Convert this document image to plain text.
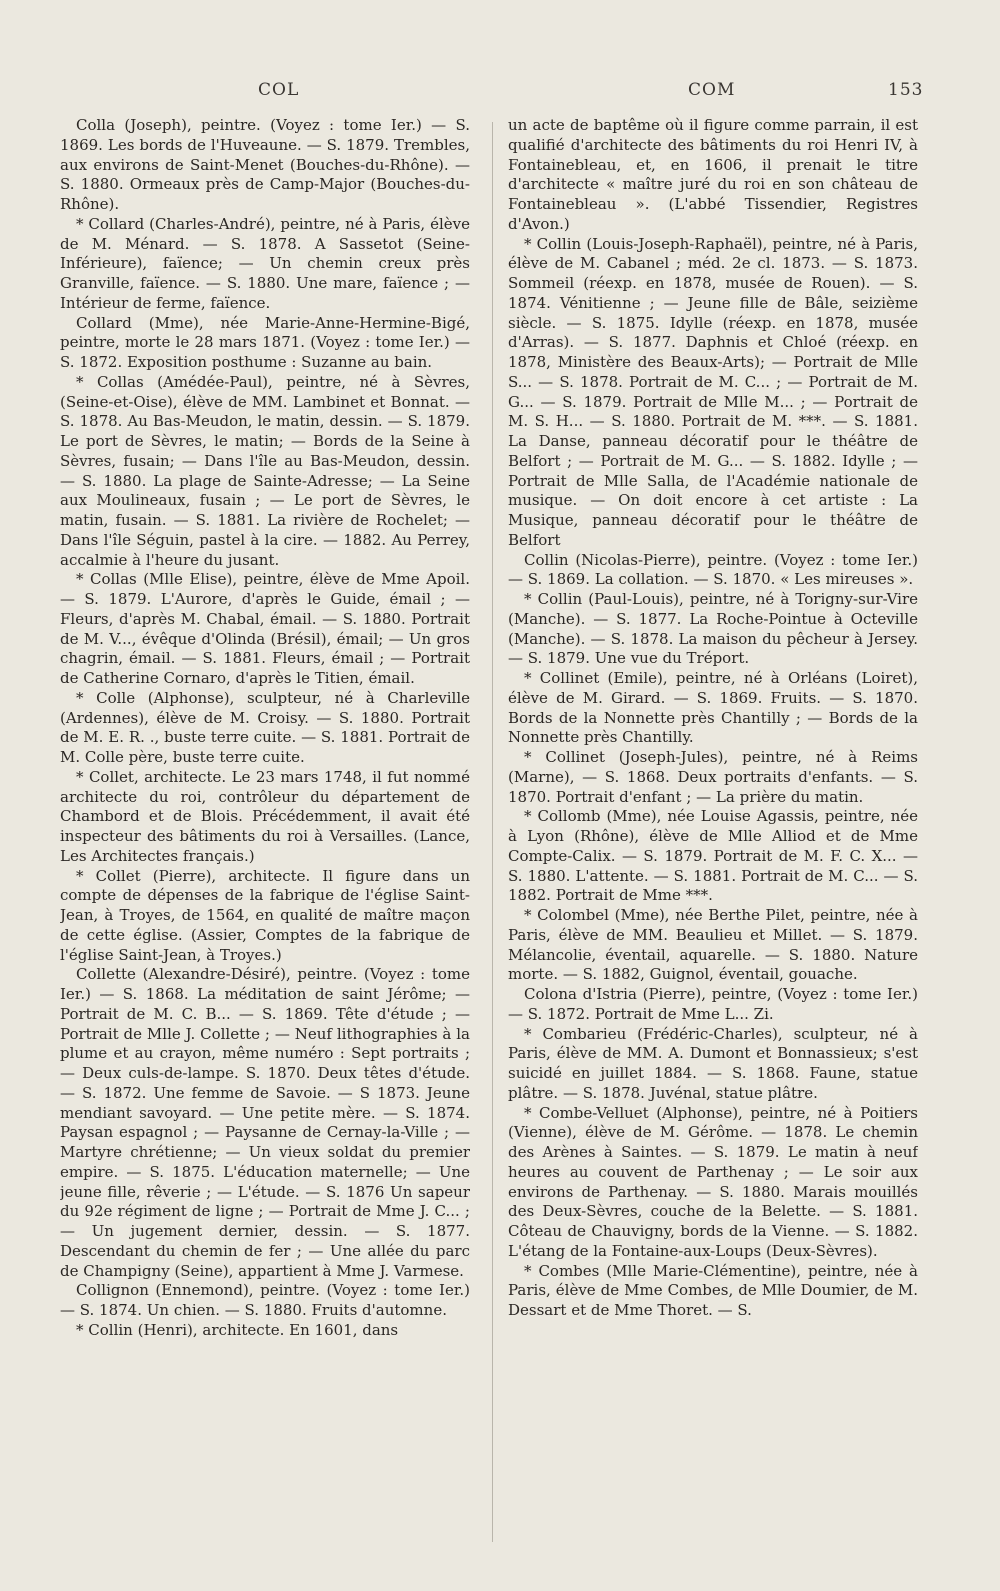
COL	COM	153

Colla (Joseph), peintre. (Voyez : tome Ier.) — S. 1869. Les bords de l'Huveaune. — S. 1879. Trembles, aux environs de Saint-Menet (Bouches-du-Rhône). — S. 1880. Ormeaux près de Camp-Major (Bouches-du-Rhône).

* Collard (Charles-André), peintre, né à Paris, élève de M. Ménard. — S. 1878. A Sassetot (Seine-Inférieure), faïence; — Un chemin creux près Granville, faïence. — S. 1880. Une mare, faïence ; — Intérieur de ferme, faïence.

Collard (Mme), née Marie-Anne-Hermine-Bigé, peintre, morte le 28 mars 1871. (Voyez : tome Ier.) — S. 1872. Exposition posthume : Suzanne au bain.

* Collas (Amédée-Paul), peintre, né à Sèvres, (Seine-et-Oise), élève de MM. Lambinet et Bonnat. — S. 1878. Au Bas-Meudon, le matin, dessin. — S. 1879. Le port de Sèvres, le matin; — Bords de la Seine à Sèvres, fusain; — Dans l'île au Bas-Meudon, dessin. — S. 1880. La plage de Sainte-Adresse; — La Seine aux Moulineaux, fusain ; — Le port de Sèvres, le matin, fusain. — S. 1881. La rivière de Rochelet; — Dans l'île Séguin, pastel à la cire. — 1882. Au Perrey, accalmie à l'heure du jusant.

* Collas (Mlle Elise), peintre, élève de Mme Apoil. — S. 1879. L'Aurore, d'après le Guide, émail ; — Fleurs, d'après M. Chabal, émail. — S. 1880. Portrait de M. V..., évêque d'Olinda (Brésil), émail; — Un gros chagrin, émail. — S. 1881. Fleurs, émail ; — Portrait de Catherine Cornaro, d'après le Titien, émail.

* Colle (Alphonse), sculpteur, né à Charleville (Ardennes), élève de M. Croisy. — S. 1880. Portrait de M. E. R. ., buste terre cuite. — S. 1881. Portrait de M. Colle père, buste terre cuite.

* Collet, architecte. Le 23 mars 1748, il fut nommé architecte du roi, contrôleur du département de Chambord et de Blois. Précédemment, il avait été inspecteur des bâtiments du roi à Versailles. (Lance, Les Architectes français.)

* Collet (Pierre), architecte. Il figure dans un compte de dépenses de la fabrique de l'église Saint-Jean, à Troyes, de 1564, en qualité de maître maçon de cette église. (Assier, Comptes de la fabrique de l'église Saint-Jean, à Troyes.)

Collette (Alexandre-Désiré), peintre. (Voyez : tome Ier.) — S. 1868. La méditation de saint Jérôme; — Portrait de M. C. B... — S. 1869. Tête d'étude ; — Portrait de Mlle J. Collette ; — Neuf lithographies à la plume et au crayon, même numéro : Sept portraits ; — Deux culs-de-lampe. S. 1870. Deux têtes d'étude. — S. 1872. Une femme de Savoie. — S 1873. Jeune mendiant savoyard. — Une petite mère. — S. 1874. Paysan espagnol ; — Paysanne de Cernay-la-Ville ; — Martyre chrétienne; — Un vieux soldat du premier empire. — S. 1875. L'éducation maternelle; — Une jeune fille, rêverie ; — L'étude. — S. 1876 Un sapeur du 92e régiment de ligne ; — Portrait de Mme J. C... ; — Un jugement dernier, dessin. — S. 1877. Descendant du chemin de fer ; — Une allée du parc de Champigny (Seine), appartient à Mme J. Varmese.

Collignon (Ennemond), peintre. (Voyez : tome Ier.) — S. 1874. Un chien. — S. 1880. Fruits d'automne.

* Collin (Henri), architecte. En 1601, dans

un acte de baptême où il figure comme parrain, il est qualifié d'architecte des bâtiments du roi Henri IV, à Fontainebleau, et, en 1606, il prenait le titre d'architecte « maître juré du roi en son château de Fontainebleau ». (L'abbé Tissendier, Registres d'Avon.)

* Collin (Louis-Joseph-Raphaël), peintre, né à Paris, élève de M. Cabanel ; méd. 2e cl. 1873. — S. 1873. Sommeil (réexp. en 1878, musée de Rouen). — S. 1874. Vénitienne ; — Jeune fille de Bâle, seizième siècle. — S. 1875. Idylle (réexp. en 1878, musée d'Arras). — S. 1877. Daphnis et Chloé (réexp. en 1878, Ministère des Beaux-Arts); — Portrait de Mlle S... — S. 1878. Portrait de M. C... ; — Portrait de M. G... — S. 1879. Portrait de Mlle M... ; — Portrait de M. S. H... — S. 1880. Portrait de M. ***. — S. 1881. La Danse, panneau décoratif pour le théâtre de Belfort ; — Portrait de M. G... — S. 1882. Idylle ; — Portrait de Mlle Salla, de l'Académie nationale de musique. — On doit encore à cet artiste : La Musique, panneau décoratif pour le théâtre de Belfort

Collin (Nicolas-Pierre), peintre. (Voyez : tome Ier.) — S. 1869. La collation. — S. 1870. « Les mireuses ».

* Collin (Paul-Louis), peintre, né à Torigny-sur-Vire (Manche). — S. 1877. La Roche-Pointue à Octeville (Manche). — S. 1878. La maison du pêcheur à Jersey. — S. 1879. Une vue du Tréport.

* Collinet (Emile), peintre, né à Orléans (Loiret), élève de M. Girard. — S. 1869. Fruits. — S. 1870. Bords de la Nonnette près Chantilly ; — Bords de la Nonnette près Chantilly.

* Collinet (Joseph-Jules), peintre, né à Reims (Marne), — S. 1868. Deux portraits d'enfants. — S. 1870. Portrait d'enfant ; — La prière du matin.

* Collomb (Mme), née Louise Agassis, peintre, née à Lyon (Rhône), élève de Mlle Alliod et de Mme Compte-Calix. — S. 1879. Portrait de M. F. C. X... — S. 1880. L'attente. — S. 1881. Portrait de M. C... — S. 1882. Portrait de Mme ***.

* Colombel (Mme), née Berthe Pilet, peintre, née à Paris, élève de MM. Beaulieu et Millet. — S. 1879. Mélancolie, éventail, aquarelle. — S. 1880. Nature morte. — S. 1882, Guignol, éventail, gouache.

Colona d'Istria (Pierre), peintre, (Voyez : tome Ier.) — S. 1872. Portrait de Mme L... Zi.

* Combarieu (Frédéric-Charles), sculpteur, né à Paris, élève de MM. A. Dumont et Bonnassieux; s'est suicidé en juillet 1884. — S. 1868. Faune, statue plâtre. — S. 1878. Juvénal, statue plâtre.

* Combe-Velluet (Alphonse), peintre, né à Poitiers (Vienne), élève de M. Gérôme. — 1878. Le chemin des Arènes à Saintes. — S. 1879. Le matin à neuf heures au couvent de Parthenay ; — Le soir aux environs de Parthenay. — S. 1880. Marais mouillés des Deux-Sèvres, couche de la Belette. — S. 1881. Côteau de Chauvigny, bords de la Vienne. — S. 1882. L'étang de la Fontaine-aux-Loups (Deux-Sèvres).

* Combes (Mlle Marie-Clémentine), peintre, née à Paris, élève de Mme Combes, de Mlle Doumier, de M. Dessart et de Mme Thoret. — S.
